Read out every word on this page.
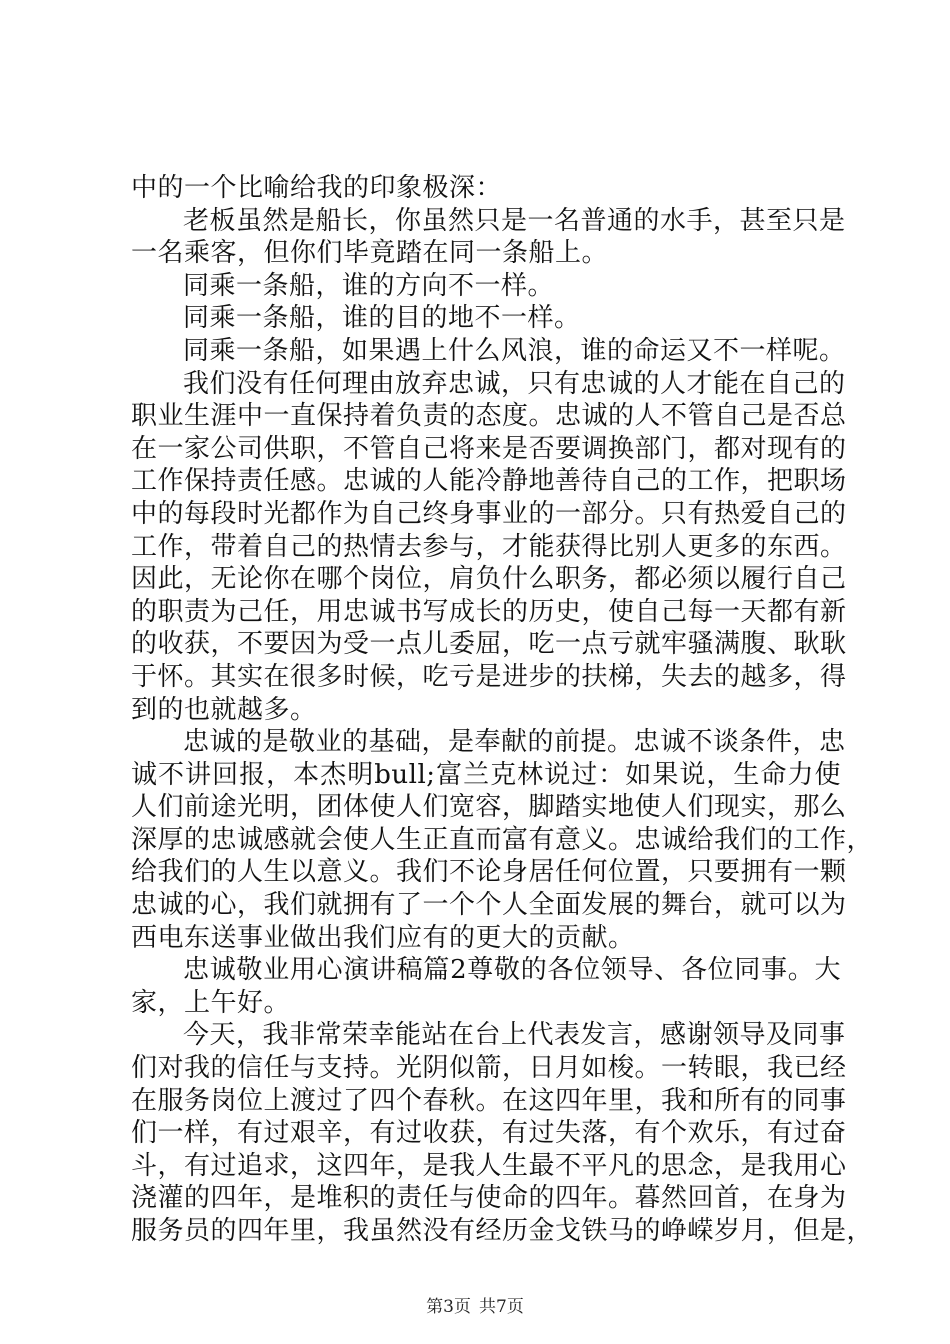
中的一个比喻给我的印象极深：
老板虽然是船长，你虽然只是一名普通的水手，甚至只是
一名乘客，但你们毕竟踏在同一条船上。
同乘一条船，谁的方向不一样。
同乘一条船，谁的目的地不一样。
同乘一条船，如果遇上什么风浪，谁的命运又不一样呢。
我们没有任何理由放弃忠诚，只有忠诚的人才能在自己的
职业生涯中一直保持着负责的态度。忠诚的人不管自己是否总
在一家公司供职，不管自己将来是否要调换部门，都对现有的
工作保持责任感。忠诚的人能冷静地善待自己的工作，把职场
中的每段时光都作为自己终身事业的一部分。只有热爱自己的
工作，带着自己的热情去参与，才能获得比别人更多的东西。
因此，无论你在哪个岗位，肩负什么职务，都必须以履行自己
的职责为己任，用忠诚书写成长的历史，使自己每一天都有新
的收获，不要因为受一点儿委屈，吃一点亏就牢骚满腹、耿耿
于怀。其实在很多时候，吃亏是进步的扶梯，失去的越多，得
到的也就越多。
忠诚的是敬业的基础，是奉献的前提。忠诚不谈条件，忠
诚不讲回报，本杰明bull;富兰克林说过：如果说，生命力使
人们前途光明，团体使人们宽容，脚踏实地使人们现实，那么
深厚的忠诚感就会使人生正直而富有意义。忠诚给我们的工作，
给我们的人生以意义。我们不论身居任何位置，只要拥有一颗
忠诚的心，我们就拥有了一个个人全面发展的舞台，就可以为
西电东送事业做出我们应有的更大的贡献。
忠诚敬业用心演讲稿篇2尊敬的各位领导、各位同事。大
家，上午好。
今天，我非常荣幸能站在台上代表发言，感谢领导及同事
们对我的信任与支持。光阴似箭，日月如梭。一转眼，我已经
在服务岗位上渡过了四个春秋。在这四年里，我和所有的同事
们一样，有过艰辛，有过收获，有过失落，有个欢乐，有过奋
斗，有过追求，这四年，是我人生最不平凡的思念，是我用心
浇灌的四年，是堆积的责任与使命的四年。暮然回首，在身为
服务员的四年里，我虽然没有经历金戈铁马的峥嵘岁月，但是，
第3页 共7页
